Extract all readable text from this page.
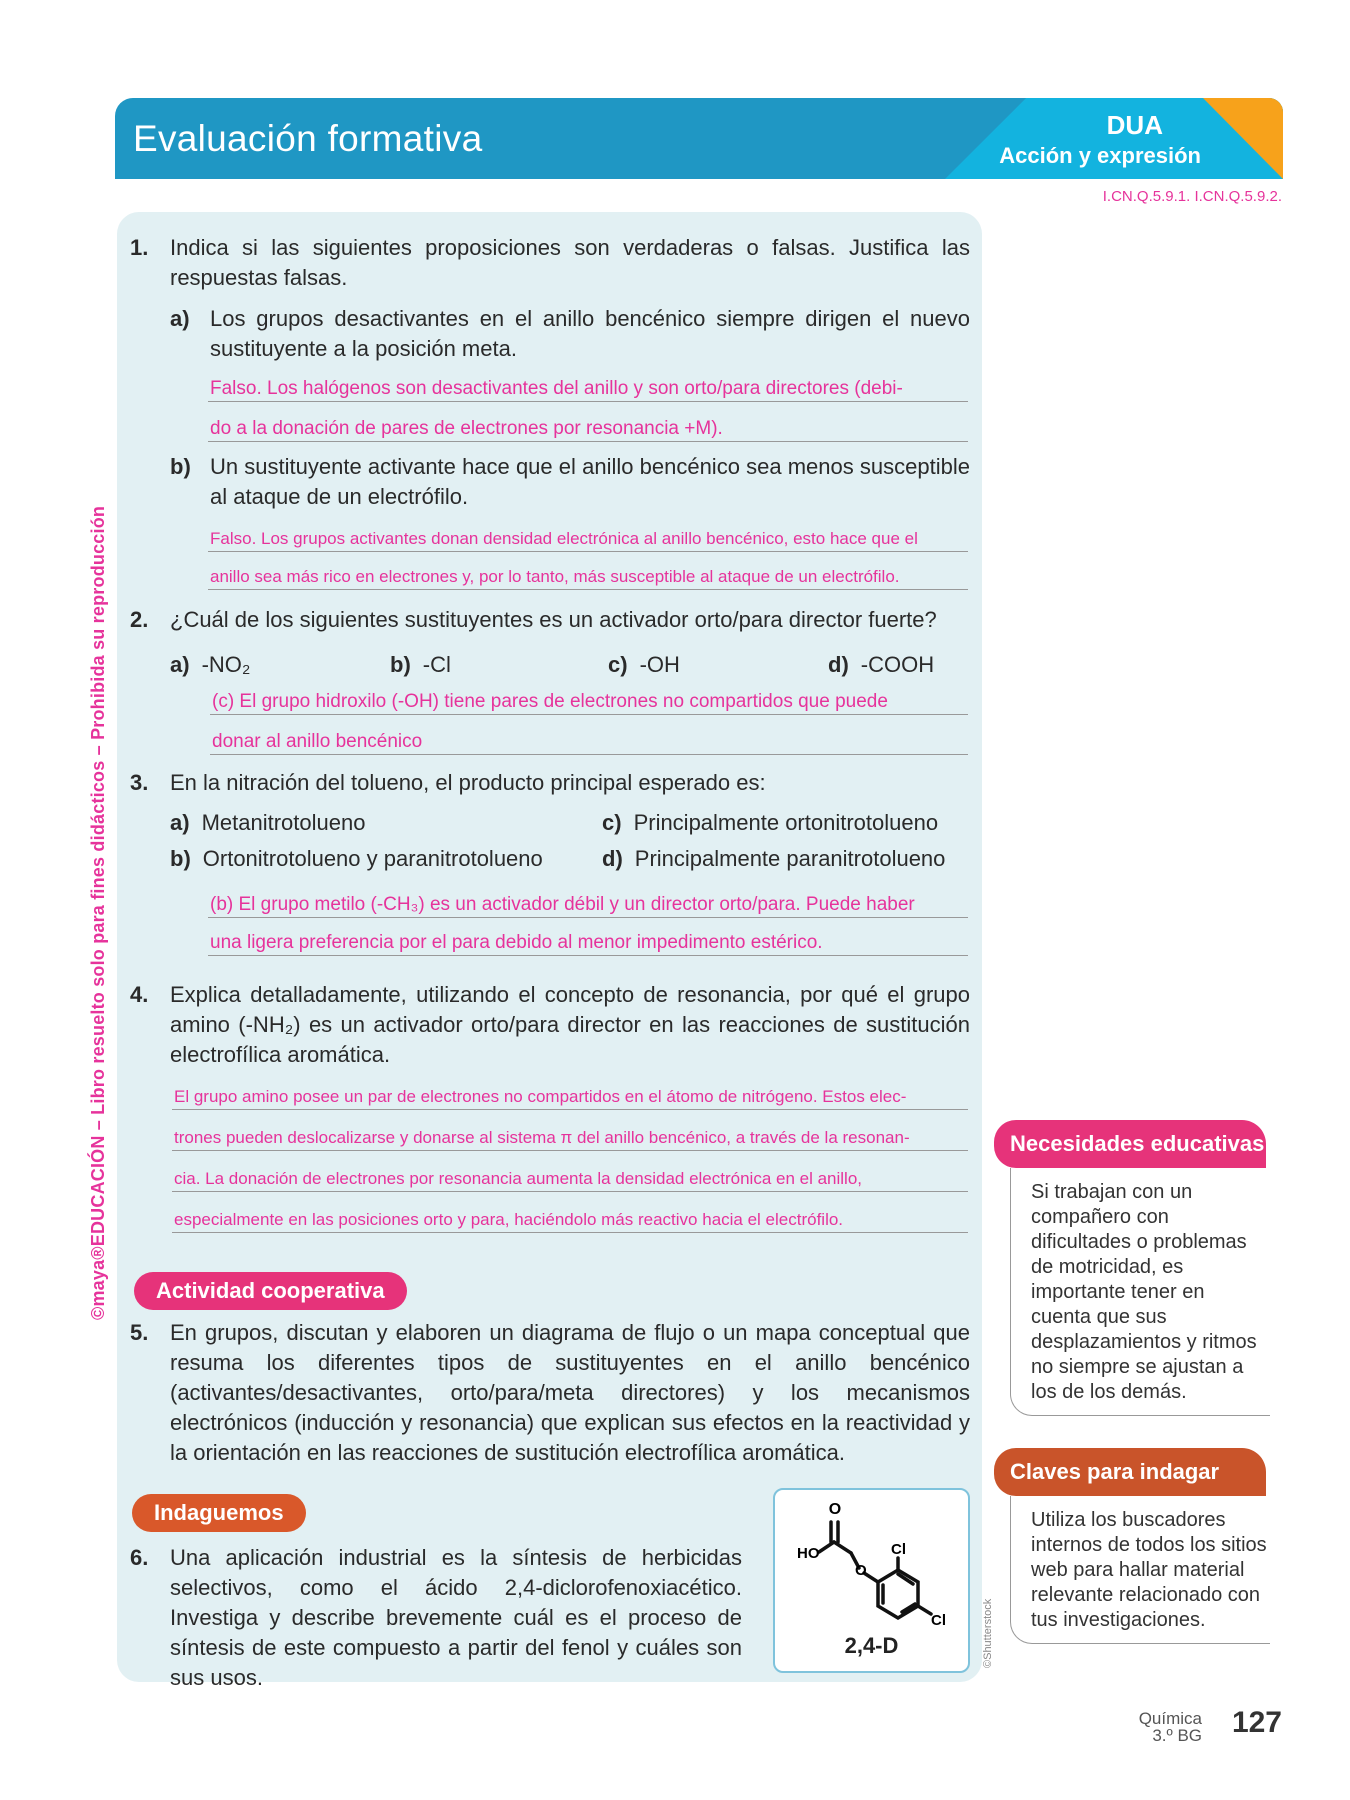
Evaluación formativa	DUA
Acción y expresión
I.CN.Q.5.9.1. I.CN.Q.5.9.2.
©maya®EDUCACIÓN – Libro resuelto solo para fines didácticos – Prohibida su reproducción
1. Indica si las siguientes proposiciones son verdaderas o falsas. Justifica las respuestas falsas.
a) Los grupos desactivantes en el anillo bencénico siempre dirigen el nuevo sustituyente a la posición meta.
Falso. Los halógenos son desactivantes del anillo y son orto/para directores (debi-
do a la donación de pares de electrones por resonancia +M).
b) Un sustituyente activante hace que el anillo bencénico sea menos susceptible al ataque de un electrófilo.
Falso. Los grupos activantes donan densidad electrónica al anillo bencénico, esto hace que el
anillo sea más rico en electrones y, por lo tanto, más susceptible al ataque de un electrófilo.
2. ¿Cuál de los siguientes sustituyentes es un activador orto/para director fuerte?
a) -NO₂	b) -Cl	c) -OH	d) -COOH
(c) El grupo hidroxilo (-OH) tiene pares de electrones no compartidos que puede
donar al anillo bencénico
3. En la nitración del tolueno, el producto principal esperado es:
a) Metanitrotolueno	c) Principalmente ortonitrotolueno
b) Ortonitrotolueno y paranitrotolueno	d) Principalmente paranitrotolueno
(b) El grupo metilo (-CH₃) es un activador débil y un director orto/para. Puede haber
una ligera preferencia por el para debido al menor impedimento estérico.
4. Explica detalladamente, utilizando el concepto de resonancia, por qué el grupo amino (-NH₂) es un activador orto/para director en las reacciones de sustitución electrofílica aromática.
El grupo amino posee un par de electrones no compartidos en el átomo de nitrógeno. Estos elec-
trones pueden deslocalizarse y donarse al sistema π del anillo bencénico, a través de la resonan-
cia. La donación de electrones por resonancia aumenta la densidad electrónica en el anillo,
especialmente en las posiciones orto y para, haciéndolo más reactivo hacia el electrófilo.
Actividad cooperativa
5. En grupos, discutan y elaboren un diagrama de flujo o un mapa conceptual que resuma los diferentes tipos de sustituyentes en el anillo bencénico (activantes/desactivantes, orto/para/meta directores) y los mecanismos electrónicos (inducción y resonancia) que explican sus efectos en la reactividad y la orientación en las reacciones de sustitución electrofílica aromática.
Indaguemos
6. Una aplicación industrial es la síntesis de herbicidas selectivos, como el ácido 2,4-diclorofenoxiacético. Investiga y describe brevemente cuál es el proceso de síntesis de este compuesto a partir del fenol y cuáles son sus usos.
O
HO
O
Cl
Cl
2,4-D	©Shutterstock
Necesidades educativas
Si trabajan con un compañero con dificultades o problemas de motricidad, es importante tener en cuenta que sus desplazamientos y ritmos no siempre se ajustan a los de los demás.
Claves para indagar
Utiliza los buscadores internos de todos los sitios web para hallar material relevante relacionado con tus investigaciones.
Química
3.º BG 127
